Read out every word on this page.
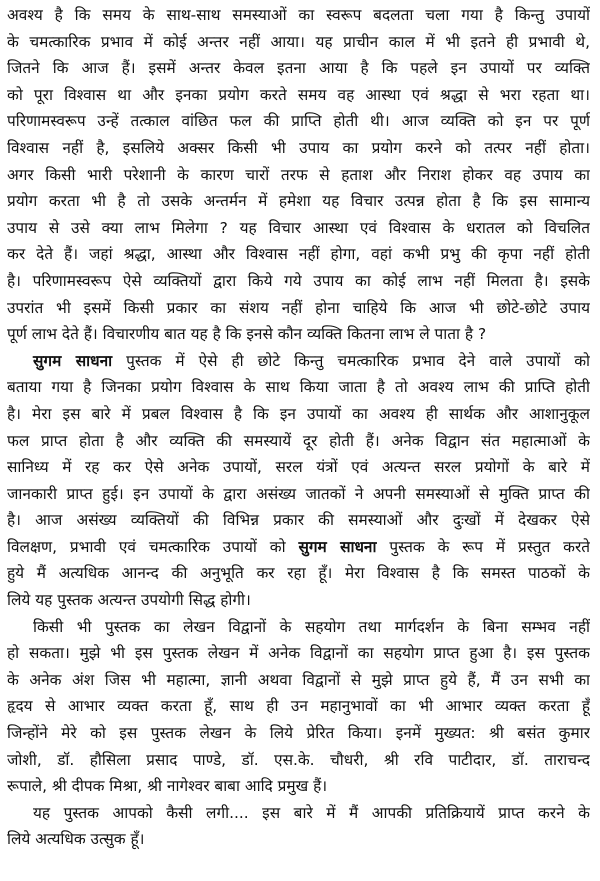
अवश्य है कि समय के साथ-साथ समस्याओं का स्वरूप बदलता चला गया है किन्तु उपायों

के चमत्कारिक प्रभाव में कोई अन्तर नहीं आया। यह प्राचीन काल में भी इतने ही प्रभावी थे,

जितने कि आज हैं। इसमें अन्तर केवल इतना आया है कि पहले इन उपायों पर व्यक्ति

को पूरा विश्वास था और इनका प्रयोग करते समय वह आस्था एवं श्रद्धा से भरा रहता था।

परिणामस्वरूप उन्हें तत्काल वांछित फल की प्राप्ति होती थी। आज व्यक्ति को इन पर पूर्ण

विश्वास नहीं है, इसलिये अक्सर किसी भी उपाय का प्रयोग करने को तत्पर नहीं होता।

अगर किसी भारी परेशानी के कारण चारों तरफ से हताश और निराश होकर वह उपाय का

प्रयोग करता भी है तो उसके अन्तर्मन में हमेशा यह विचार उत्पन्न होता है कि इस सामान्य

उपाय से उसे क्या लाभ मिलेगा ? यह विचार आस्था एवं विश्वास के धरातल को विचलित

कर देते हैं। जहां श्रद्धा, आस्था और विश्वास नहीं होगा, वहां कभी प्रभु की कृपा नहीं होती

है। परिणामस्वरूप ऐसे व्यक्तियों द्वारा किये गये उपाय का कोई लाभ नहीं मिलता है। इसके

उपरांत भी इसमें किसी प्रकार का संशय नहीं होना चाहिये कि आज भी छोटे-छोटे उपाय

पूर्ण लाभ देते हैं। विचारणीय बात यह है कि इनसे कौन व्यक्ति कितना लाभ ले पाता है ?

सुगम साधना पुस्तक में ऐसे ही छोटे किन्तु चमत्कारिक प्रभाव देने वाले उपायों को

बताया गया है जिनका प्रयोग विश्वास के साथ किया जाता है तो अवश्य लाभ की प्राप्ति होती

है। मेरा इस बारे में प्रबल विश्वास है कि इन उपायों का अवश्य ही सार्थक और आशानुकूल

फल प्राप्त होता है और व्यक्ति की समस्यायें दूर होती हैं। अनेक विद्वान संत महात्माओं के

सानिध्य में रह कर ऐसे अनेक उपायों, सरल यंत्रों एवं अत्यन्त सरल प्रयोगों के बारे में

जानकारी प्राप्त हुई। इन उपायों के द्वारा असंख्य जातकों ने अपनी समस्याओं से मुक्ति प्राप्त की

है। आज असंख्य व्यक्तियों की विभिन्न प्रकार की समस्याओं और दुःखों में देखकर ऐसे

विलक्षण, प्रभावी एवं चमत्कारिक उपायों को सुगम साधना पुस्तक के रूप में प्रस्तुत करते

हुये मैं अत्यधिक आनन्द की अनुभूति कर रहा हूँ। मेरा विश्वास है कि समस्त पाठकों के

लिये यह पुस्तक अत्यन्त उपयोगी सिद्ध होगी।

किसी भी पुस्तक का लेखन विद्वानों के सहयोग तथा मार्गदर्शन के बिना सम्भव नहीं

हो सकता। मुझे भी इस पुस्तक लेखन में अनेक विद्वानों का सहयोग प्राप्त हुआ है। इस पुस्तक

के अनेक अंश जिस भी महात्मा, ज्ञानी अथवा विद्वानों से मुझे प्राप्त हुये हैं, मैं उन सभी का

हृदय से आभार व्यक्त करता हूँ, साथ ही उन महानुभावों का भी आभार व्यक्त करता हूँ

जिन्होंने मेरे को इस पुस्तक लेखन के लिये प्रेरित किया। इनमें मुख्यत: श्री बसंत कुमार

जोशी, डॉ. हौसिला प्रसाद पाण्डे, डॉ. एस.के. चौधरी, श्री रवि पाटीदार, डॉ. ताराचन्द

रूपाले, श्री दीपक मिश्रा, श्री नागेश्वर बाबा आदि प्रमुख हैं।

यह पुस्तक आपको कैसी लगी.... इस बारे में मैं आपकी प्रतिक्रियायें प्राप्त करने के

लिये अत्यधिक उत्सुक हूँ।
